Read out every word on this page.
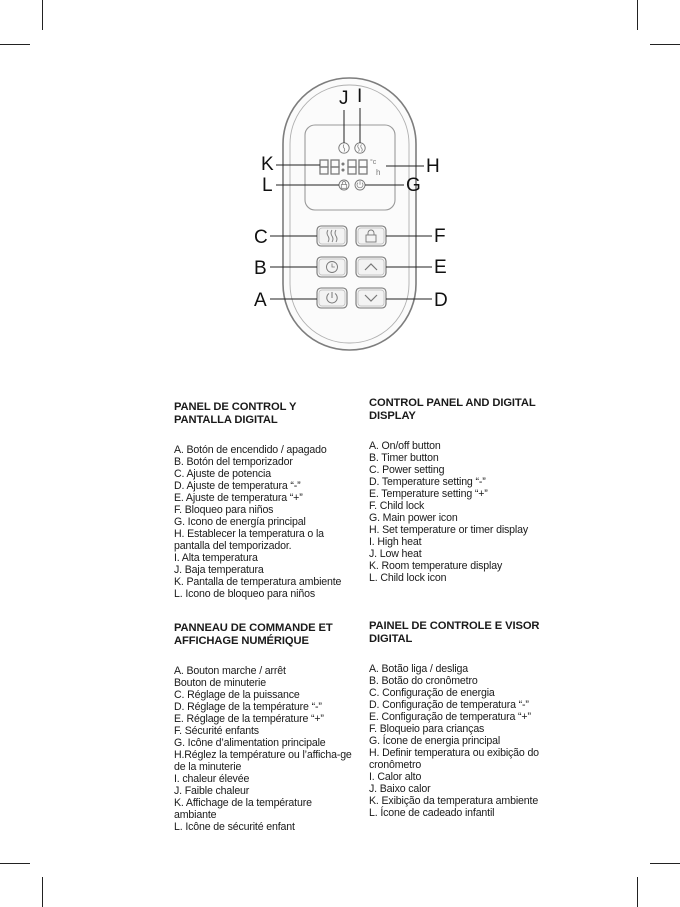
°c
h
J I
K	H
L	G
C	F
B	E
A	D
PANEL DE CONTROL Y PANTALLA DIGITAL
A. Botón de encendido / apagado
B. Botón del temporizador
C. Ajuste de potencia
D. Ajuste de temperatura “-”
E. Ajuste de temperatura “+”
F. Bloqueo para niños
G. Icono de energía principal
H. Establecer la temperatura o la pantalla del temporizador.
I. Alta temperatura
J. Baja temperatura
K. Pantalla de temperatura ambiente
L. Icono de bloqueo para niños
CONTROL PANEL AND DIGITAL DISPLAY
A. On/off button
B. Timer button
C. Power setting
D. Temperature setting “-”
E. Temperature setting “+”
F. Child lock
G. Main power icon
H. Set temperature or timer display
I. High heat
J. Low heat
K. Room temperature display
L. Child lock icon
PANNEAU DE COMMANDE ET AFFICHAGE NUMÉRIQUE
A. Bouton marche / arrêt
Bouton de minuterie
C. Réglage de la puissance
D. Réglage de la température “-”
E. Réglage de la température “+”
F. Sécurité enfants
G. Icône d’alimentation principale
H.Réglez la température ou l’afficha-ge de la minuterie
I. chaleur élevée
J. Faible chaleur
K. Affichage de la température ambiante
L. Icône de sécurité enfant
PAINEL DE CONTROLE E VISOR DIGITAL
A. Botão liga / desliga
B. Botão do cronômetro
C. Configuração de energia
D. Configuração de temperatura “-”
E. Configuração de temperatura “+”
F. Bloqueio para crianças
G. Ícone de energia principal
H. Definir temperatura ou exibição do cronômetro
I. Calor alto
J. Baixo calor
K. Exibição da temperatura ambiente
L. Ícone de cadeado infantil
